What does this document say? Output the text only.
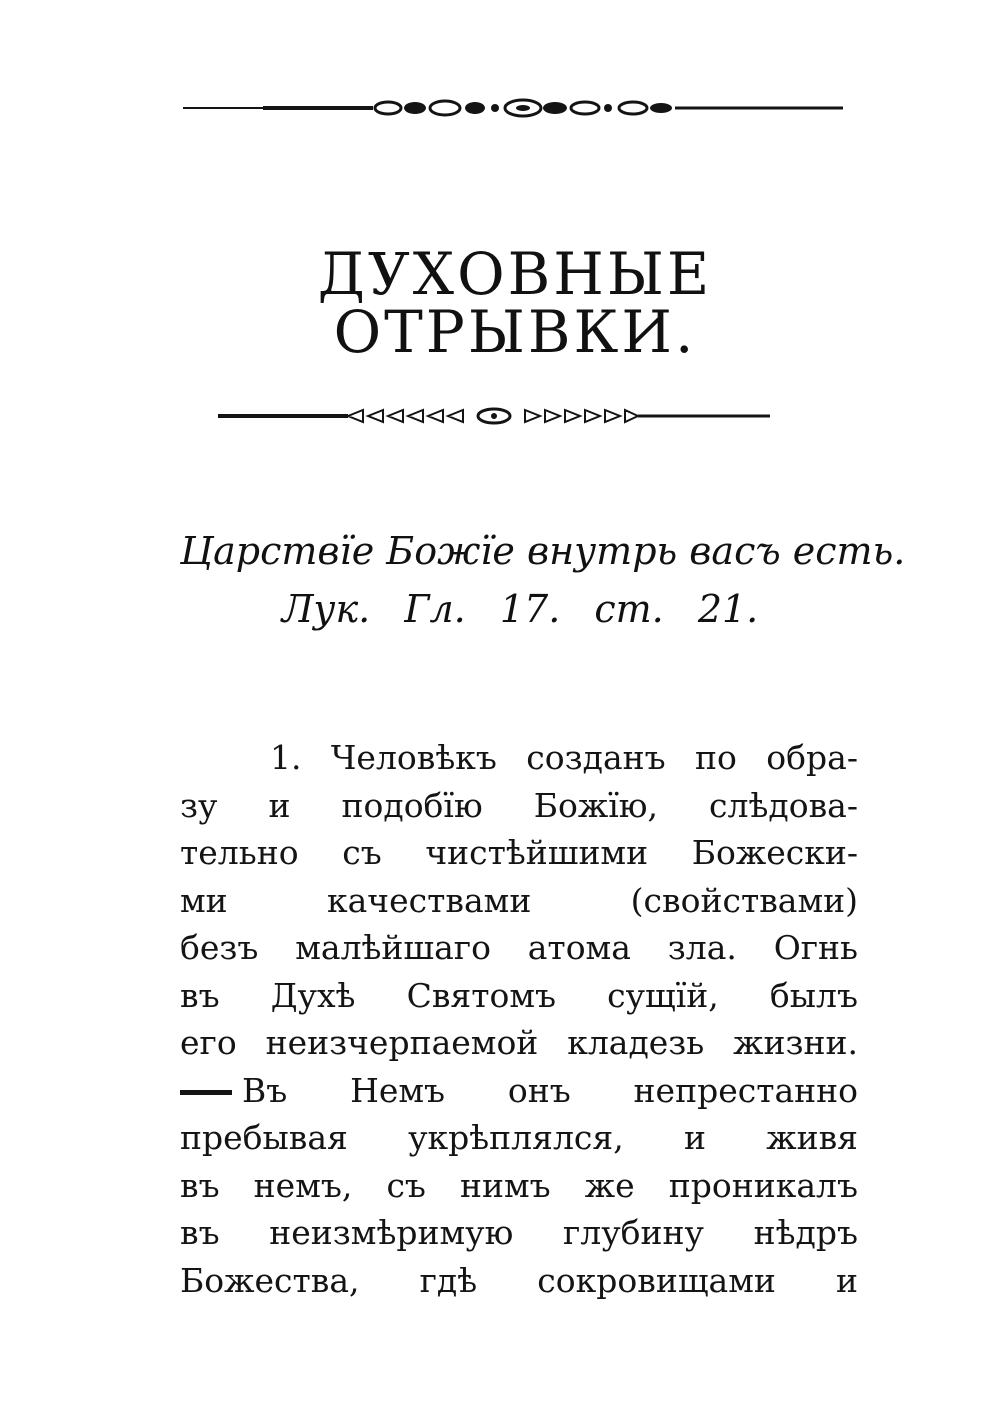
ДУХОВНЫЕ ОТРЫВКИ.
Царствїе Божїе внутрь васъ есть.
Лук. Гл. 17. ст. 21.
1. Человѣкъ созданъ по обра-
зу и подобїю Божїю, слѣдова-
тельно съ чистѣйшими Божески-
ми качествами (свойствами)
безъ малѣйшаго атома зла. Огнь
въ Духѣ Святомъ сущїй, былъ
его неизчерпаемой кладезь жизни.
Въ Немъ онъ непрестанно
пребывая укрѣплялся, и живя
въ немъ, съ нимъ же проникалъ
въ неизмѣримую глубину нѣдръ
Божества, гдѣ сокровищами и
